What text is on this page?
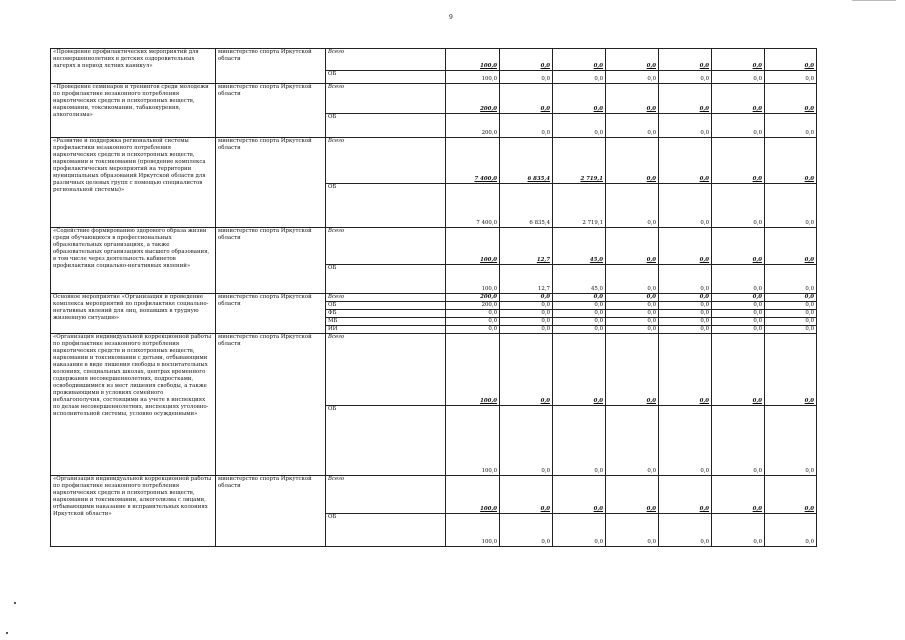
9
«Проведение профилактических мероприятий для несовершеннолетних в детских оздоровительных лагерях в период летних каникул»	министерство спорта Иркутской области	Всего	100,0	0,0	0,0	0,0	0,0	0,0	0,0
		ОБ	100,0	0,0	0,0	0,0	0,0	0,0	0,0
«Проведение семинаров и тренингов среди молодежи по профилактике незаконного потребления наркотических средств и психотропных веществ, наркомании, токсикомании, табакокурения, алкоголизма»	министерство спорта Иркутской области	Всего	200,0	0,0	0,0	0,0	0,0	0,0	0,0
		ОБ	200,0	0,0	0,0	0,0	0,0	0,0	0,0
«Развитие и поддержка региональной системы профилактики незаконного потребления наркотических средств и психотропных веществ, наркомании и токсикомании (проведение комплекса профилактических мероприятий на территории муниципальных образований Иркутской области для различных целевых групп с помощью специалистов региональной системы)»	министерство спорта Иркутской области	Всего	7 400,0	6 835,4	2 719,1	0,0	0,0	0,0	0,0
		ОБ	7 400,0	6 835,4	2 719,1	0,0	0,0	0,0	0,0
«Содействие формированию здорового образа жизни среди обучающихся в профессиональных образовательных организациях, а также образовательных организациях высшего образования, в том числе через деятельность кабинетов профилактики социально-негативных явлений»	министерство спорта Иркутской области	Всего	100,0	12,7	45,0	0,0	0,0	0,0	0,0
		ОБ	100,0	12,7	45,0	0,0	0,0	0,0	0,0
Основное мероприятие «Организация и проведение комплекса мероприятий по профилактике социально-негативных явлений для лиц, попавших в трудную жизненную ситуацию»	министерство спорта Иркутской области	Всего	200,0	0,0	0,0	0,0	0,0	0,0	0,0
		ОБ	200,0	0,0	0,0	0,0	0,0	0,0	0,0
		ФБ	0,0	0,0	0,0	0,0	0,0	0,0	0,0
		МБ	0,0	0,0	0,0	0,0	0,0	0,0	0,0
		ИИ	0,0	0,0	0,0	0,0	0,0	0,0	0,0
«Организация индивидуальной коррекционной работы по профилактике незаконного потребления наркотических средств и психотропных веществ, наркомании и токсикомании с детьми, отбывающими наказание в виде лишения свободы в воспитательных колониях, специальных школах, центрах временного содержания несовершеннолетних, подростками, освободившимися из мест лишения свободы, а также проживающими в условиях семейного неблагополучия, состоящими на учете в инспекциях по делам несовершеннолетних, инспекциях уголовно-исполнительной системы, условно осужденными»	министерство спорта Иркутской области	Всего	100,0	0,0	0,0	0,0	0,0	0,0	0,0
		ОБ	100,0	0,0	0,0	0,0	0,0	0,0	0,0
«Организация индивидуальной коррекционной работы по профилактике незаконного потребления наркотических средств и психотропных веществ, наркомании и токсикомании, алкоголизма с лицами, отбывающими наказание в исправительных колониях Иркутской области»	министерство спорта Иркутской области	Всего	100,0	0,0	0,0	0,0	0,0	0,0	0,0
		ОБ	100,0	0,0	0,0	0,0	0,0	0,0	0,0
